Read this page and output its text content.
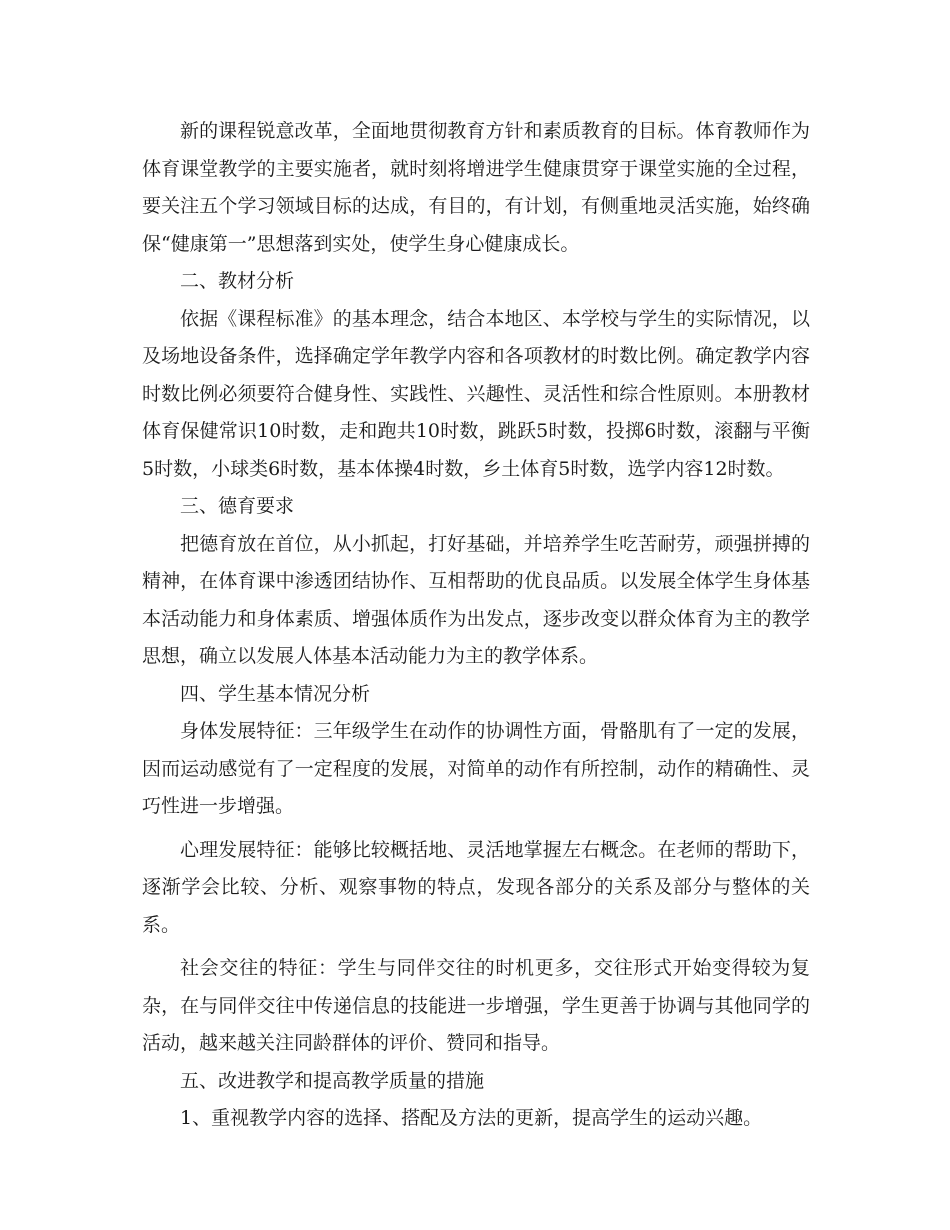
新的课程锐意改革，全面地贯彻教育方针和素质教育的目标。体育教师作为体育课堂教学的主要实施者，就时刻将增进学生健康贯穿于课堂实施的全过程，要关注五个学习领域目标的达成，有目的，有计划，有侧重地灵活实施，始终确保“健康第一”思想落到实处，使学生身心健康成长。

二、教材分析

依据《课程标准》的基本理念，结合本地区、本学校与学生的实际情况，以及场地设备条件，选择确定学年教学内容和各项教材的时数比例。确定教学内容时数比例必须要符合健身性、实践性、兴趣性、灵活性和综合性原则。本册教材体育保健常识10时数，走和跑共10时数，跳跃5时数，投掷6时数，滚翻与平衡5时数，小球类6时数，基本体操4时数，乡土体育5时数，选学内容12时数。

三、德育要求

把德育放在首位，从小抓起，打好基础，并培养学生吃苦耐劳，顽强拼搏的精神，在体育课中渗透团结协作、互相帮助的优良品质。以发展全体学生身体基本活动能力和身体素质、增强体质作为出发点，逐步改变以群众体育为主的教学思想，确立以发展人体基本活动能力为主的教学体系。

四、学生基本情况分析

身体发展特征：三年级学生在动作的协调性方面，骨骼肌有了一定的发展，因而运动感觉有了一定程度的发展，对简单的动作有所控制，动作的精确性、灵巧性进一步增强。

心理发展特征：能够比较概括地、灵活地掌握左右概念。在老师的帮助下，逐渐学会比较、分析、观察事物的特点，发现各部分的关系及部分与整体的关系。

社会交往的特征：学生与同伴交往的时机更多，交往形式开始变得较为复杂，在与同伴交往中传递信息的技能进一步增强，学生更善于协调与其他同学的活动，越来越关注同龄群体的评价、赞同和指导。

五、改进教学和提高教学质量的措施

1、重视教学内容的选择、搭配及方法的更新，提高学生的运动兴趣。
